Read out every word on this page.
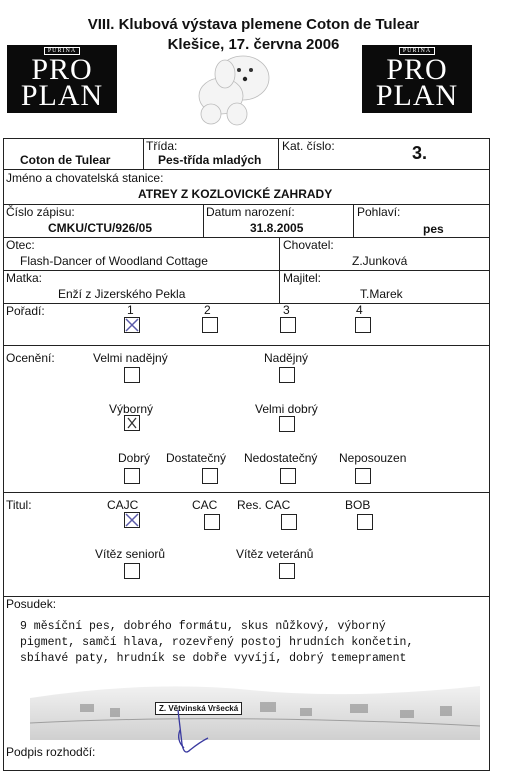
VIII. Klubová výstava plemene Coton de Tulear
Klešice, 17. června 2006
PURINA
PRO
PLAN
PURINA
PRO
PLAN
Coton de Tulear
Třída:
Pes-třída mladých
Kat. číslo:	3.
Jméno a chovatelská stanice:
ATREY Z KOZLOVICKÉ ZAHRADY
Číslo zápisu:
CMKU/CTU/926/05
Datum narození:
31.8.2005
Pohlaví:
pes
Otec:
Flash-Dancer of Woodland Cottage
Chovatel:
Z.Junková
Matka:
Enží z Jizerského Pekla
Majitel:
T.Marek
Pořadí:	1	2	3	4
Ocenění:	Velmi nadějný	Nadějný
Výborný	Velmi dobrý
Dobrý Dostatečný Nedostatečný Neposouzen
Titul:	CAJC	CAC Res. CAC	BOB
Vítěz seniorů	Vítěz veteránů
Posudek:
9 měsíční pes, dobrého formátu, skus nůžkový, výborný
pigment, samčí hlava, rozevřený postoj hrudních končetin,
sbíhavé paty, hrudník se dobře vyvíjí, dobrý temeprament
Z. Větvinská Vršecká
Podpis rozhodčí:
